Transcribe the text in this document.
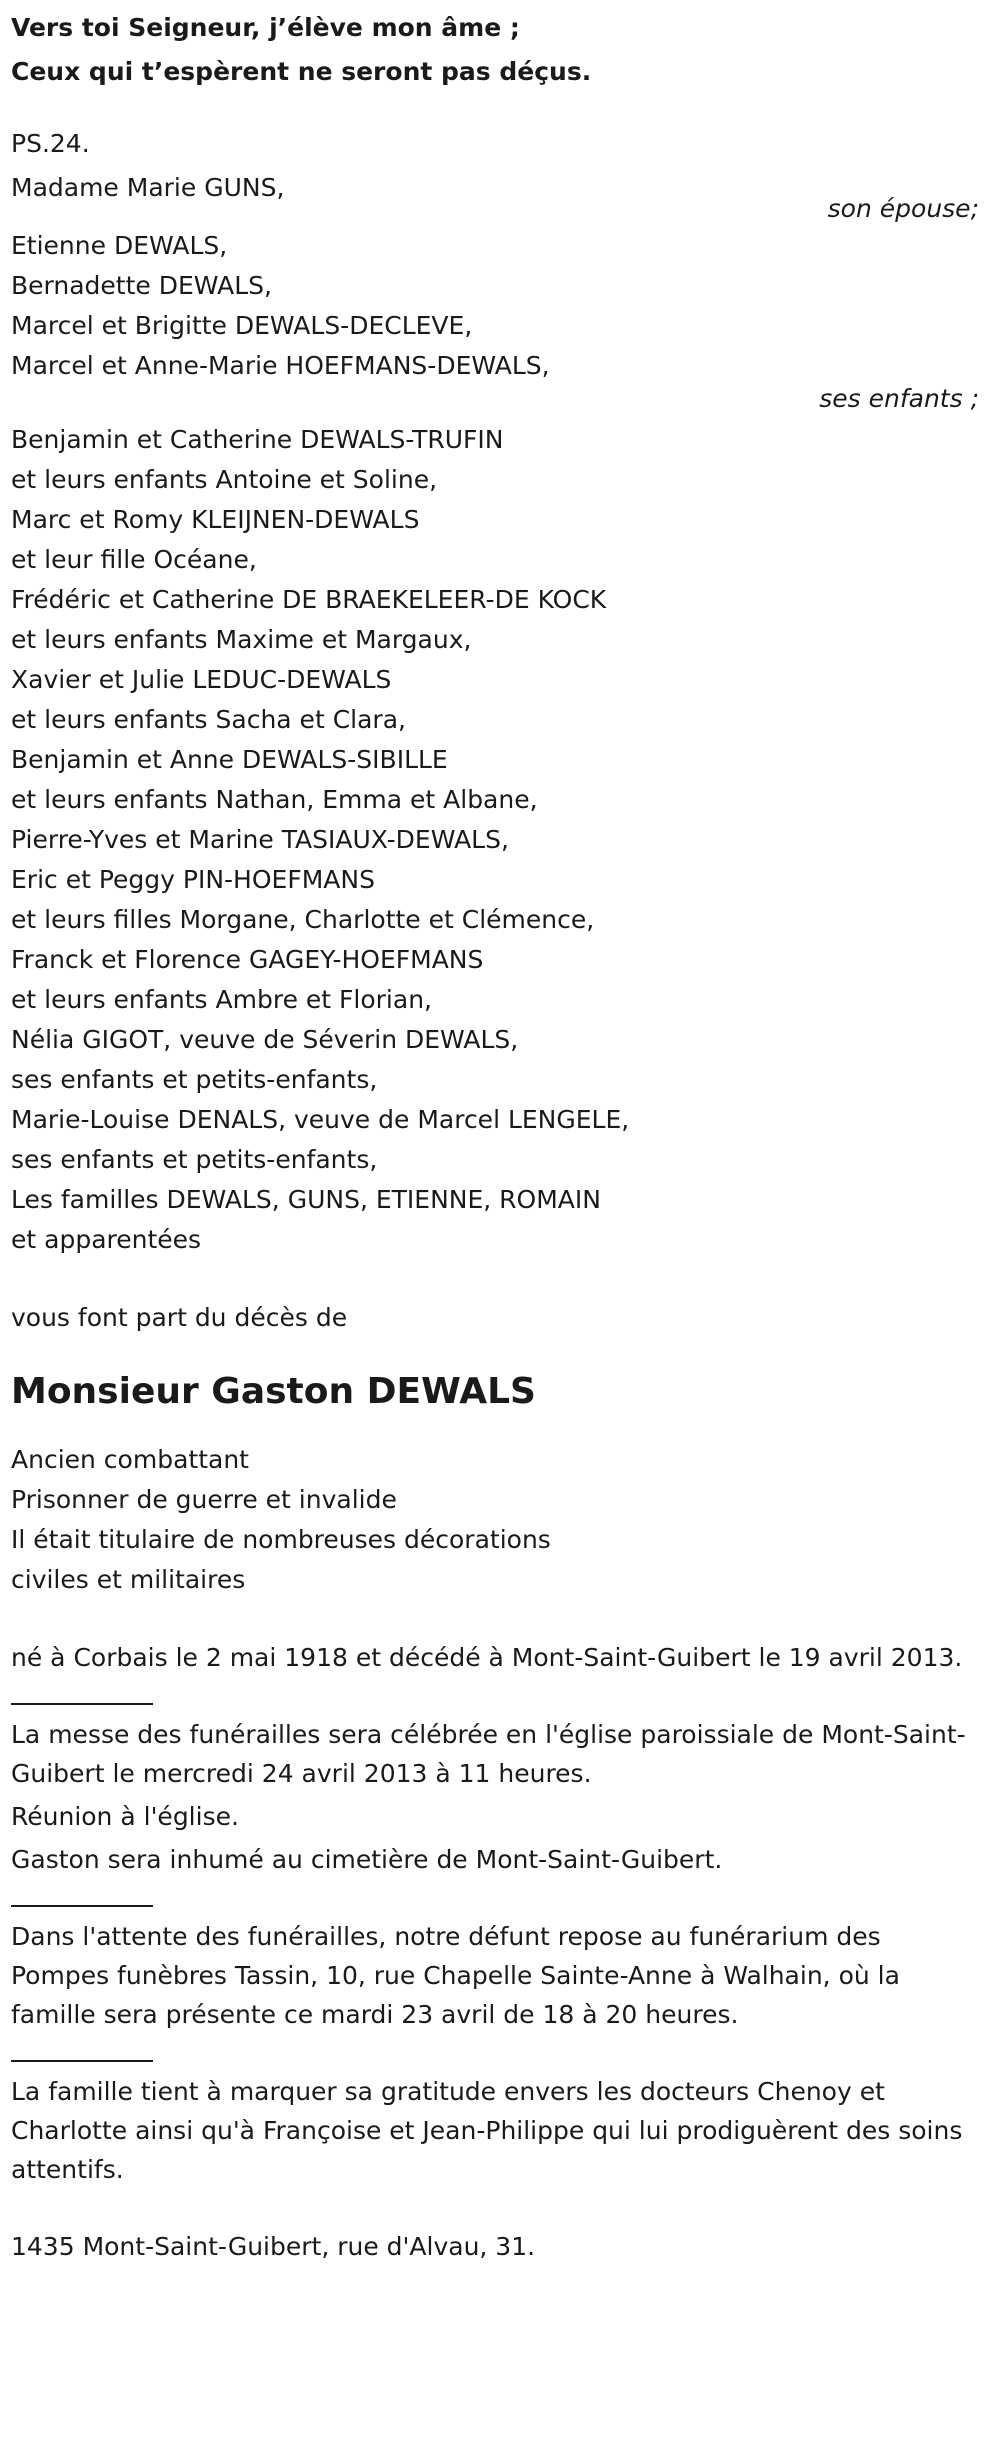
Vers toi Seigneur, j’élève mon âme ;
Ceux qui t’espèrent ne seront pas déçus.
PS.24.
Madame Marie GUNS,
son épouse;
Etienne DEWALS,
Bernadette DEWALS,
Marcel et Brigitte DEWALS-DECLEVE,
Marcel et Anne-Marie HOEFMANS-DEWALS,
ses enfants ;
Benjamin et Catherine DEWALS-TRUFIN
et leurs enfants Antoine et Soline,
Marc et Romy KLEIJNEN-DEWALS
et leur fille Océane,
Frédéric et Catherine DE BRAEKELEER-DE KOCK
et leurs enfants Maxime et Margaux,
Xavier et Julie LEDUC-DEWALS
et leurs enfants Sacha et Clara,
Benjamin et Anne DEWALS-SIBILLE
et leurs enfants Nathan, Emma et Albane,
Pierre-Yves et Marine TASIAUX-DEWALS,
Eric et Peggy PIN-HOEFMANS
et leurs filles Morgane, Charlotte et Clémence,
Franck et Florence GAGEY-HOEFMANS
et leurs enfants Ambre et Florian,
Nélia GIGOT, veuve de Séverin DEWALS,
ses enfants et petits-enfants,
Marie-Louise DENALS, veuve de Marcel LENGELE,
ses enfants et petits-enfants,
Les familles DEWALS, GUNS, ETIENNE, ROMAIN
et apparentées
vous font part du décès de
Monsieur Gaston DEWALS
Ancien combattant
Prisonner de guerre et invalide
Il était titulaire de nombreuses décorations
civiles et militaires
né à Corbais le 2 mai 1918 et décédé à Mont-Saint-Guibert le 19 avril 2013.
La messe des funérailles sera célébrée en l'église paroissiale de Mont-Saint-Guibert le mercredi 24 avril 2013 à 11 heures.
Réunion à l'église.
Gaston sera inhumé au cimetière de Mont-Saint-Guibert.
Dans l'attente des funérailles, notre défunt repose au funérarium des Pompes funèbres Tassin, 10, rue Chapelle Sainte-Anne à Walhain, où la famille sera présente ce mardi 23 avril de 18 à 20 heures.
La famille tient à marquer sa gratitude envers les docteurs Chenoy et Charlotte ainsi qu'à Françoise et Jean-Philippe qui lui prodiguèrent des soins attentifs.
1435 Mont-Saint-Guibert, rue d'Alvau, 31.
